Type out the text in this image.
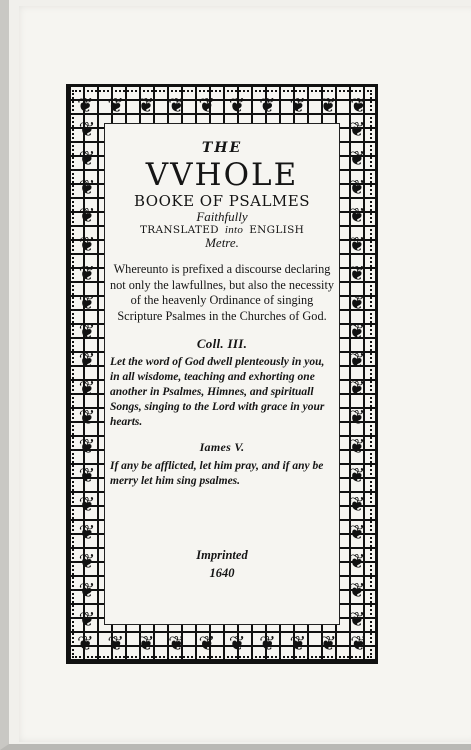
❦ ❦ ❦ ❦ ❦ ❦ ❦ ❦ ❦ ❦
❦ ❦ ❦ ❦ ❦ ❦ ❦ ❦ ❦ ❦
❦
❦
❦
❦
❦
❦
❦
❦
❦
❦
❦
❦
❦
❦
❦
❦
❦
❦
❦
❦
❦
❦
❦
❦
❦
❦
❦
❦
❦
❦
❦
❦
❦
❦
❦
❦
THE
VVHOLE
BOOKE OF PSALMES
Faithfully
TRANSLATED into ENGLISH
Metre.
Whereunto is prefixed a discourse declaring not only the lawfullnes, but also the necessity of the heavenly Ordinance of singing Scripture Psalmes in the Churches of God.
Coll. III.
Let the word of God dwell plenteously in you, in all wisdome, teaching and exhorting one another in Psalmes, Himnes, and spirituall Songs, singing to the Lord with grace in your hearts.
Iames V.
If any be afflicted, let him pray, and if any be merry let him sing psalmes.
Imprinted
1640
